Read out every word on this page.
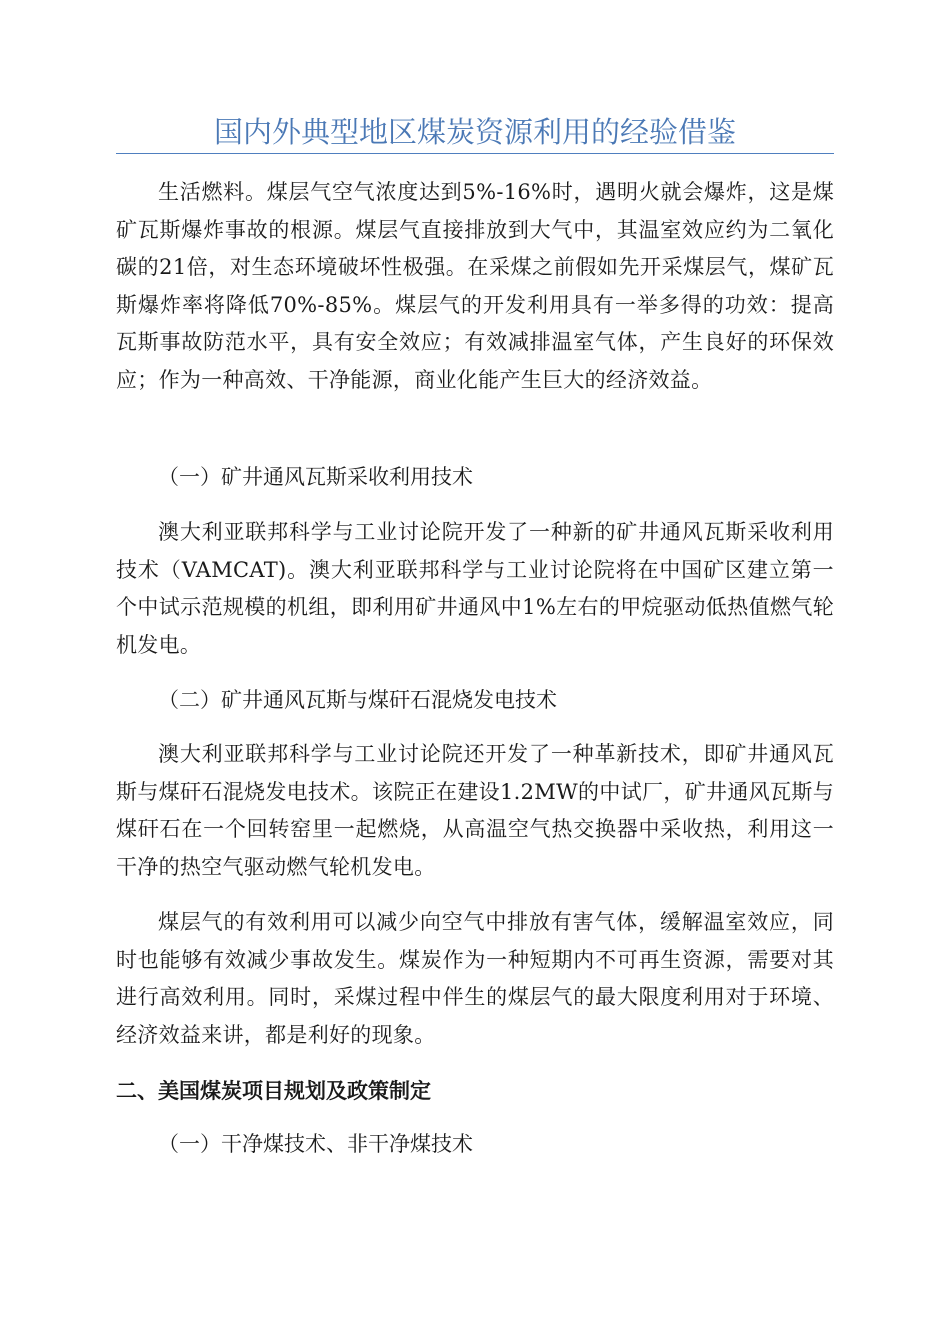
国内外典型地区煤炭资源利用的经验借鉴

生活燃料。煤层气空气浓度达到5%-16%时，遇明火就会爆炸，这是煤矿瓦斯爆炸事故的根源。煤层气直接排放到大气中，其温室效应约为二氧化碳的21倍，对生态环境破坏性极强。在采煤之前假如先开采煤层气，煤矿瓦斯爆炸率将降低70%-85%。煤层气的开发利用具有一举多得的功效：提高瓦斯事故防范水平，具有安全效应；有效减排温室气体，产生良好的环保效应；作为一种高效、干净能源，商业化能产生巨大的经济效益。

（一）矿井通风瓦斯采收利用技术

澳大利亚联邦科学与工业讨论院开发了一种新的矿井通风瓦斯采收利用技术（VAMCAT)。澳大利亚联邦科学与工业讨论院将在中国矿区建立第一个中试示范规模的机组，即利用矿井通风中1%左右的甲烷驱动低热值燃气轮机发电。

（二）矿井通风瓦斯与煤矸石混烧发电技术

澳大利亚联邦科学与工业讨论院还开发了一种革新技术，即矿井通风瓦斯与煤矸石混烧发电技术。该院正在建设1.2MW的中试厂，矿井通风瓦斯与煤矸石在一个回转窑里一起燃烧，从高温空气热交换器中采收热，利用这一干净的热空气驱动燃气轮机发电。

煤层气的有效利用可以减少向空气中排放有害气体，缓解温室效应，同时也能够有效减少事故发生。煤炭作为一种短期内不可再生资源，需要对其进行高效利用。同时，采煤过程中伴生的煤层气的最大限度利用对于环境、经济效益来讲，都是利好的现象。

二、美国煤炭项目规划及政策制定

（一）干净煤技术、非干净煤技术
